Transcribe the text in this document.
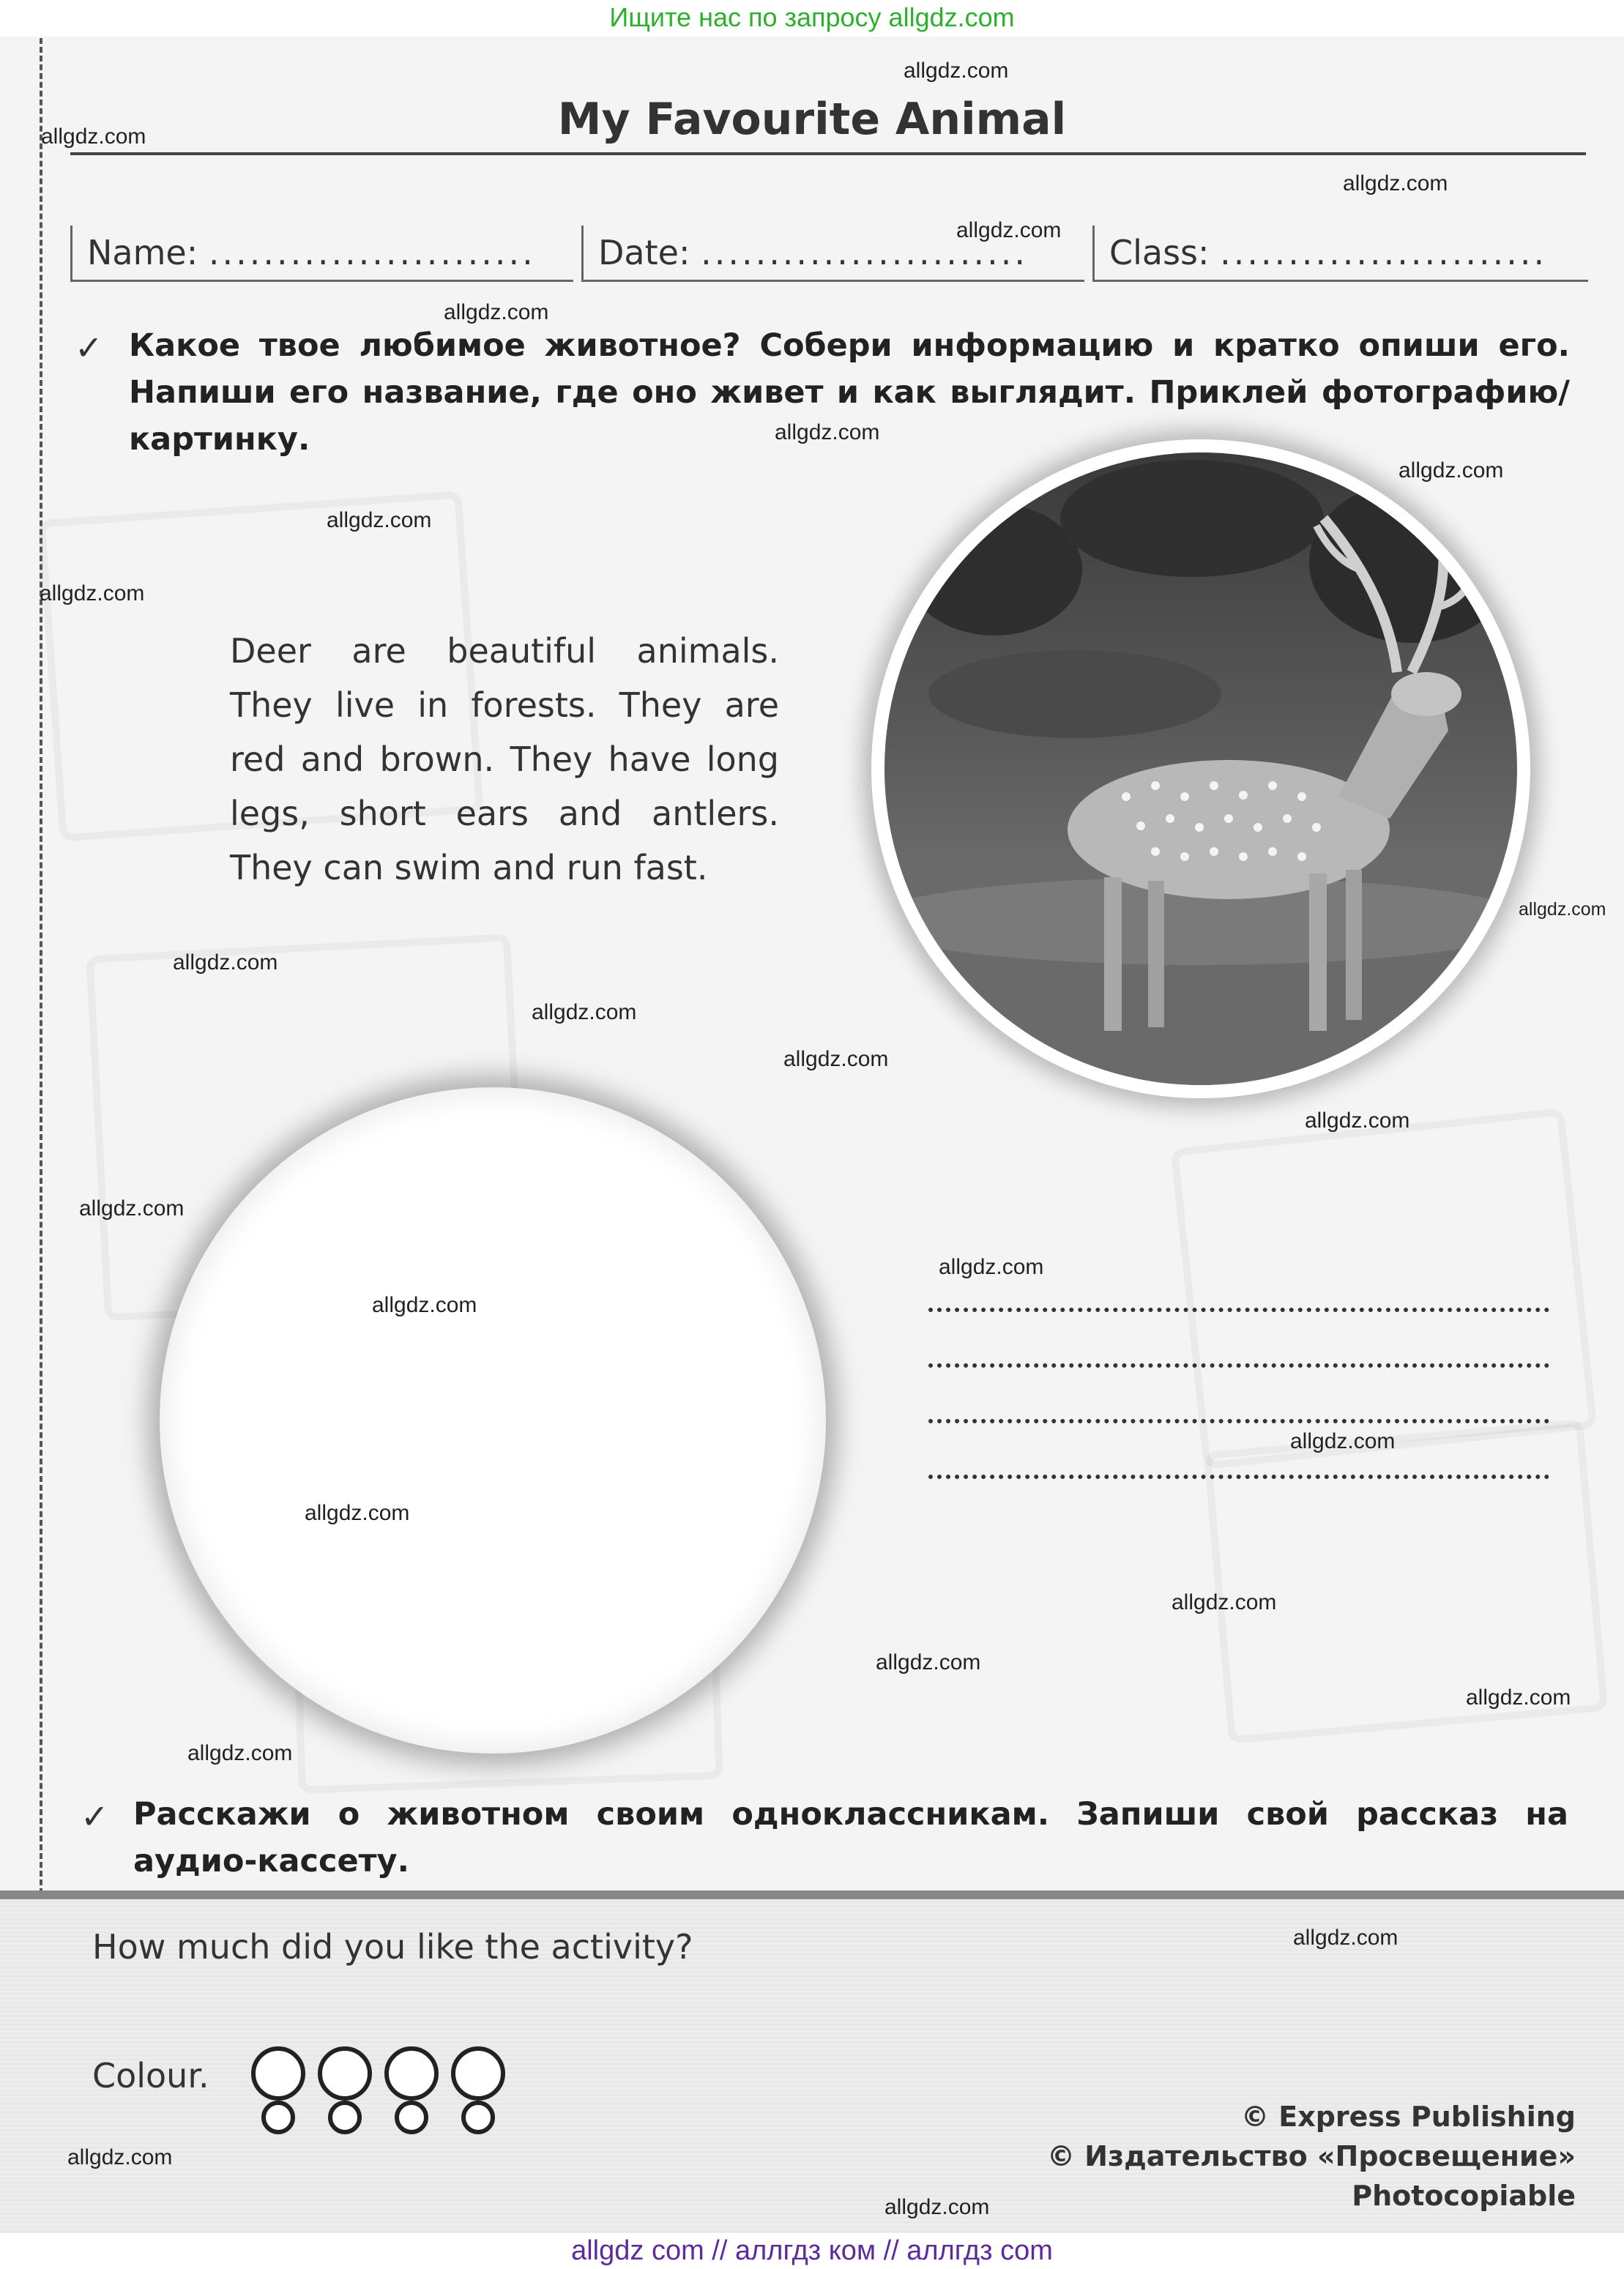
Ищите нас по запросу allgdz.com
My Favourite Animal
Name: ........................	Date: ........................	Class: ........................
✓ Какое твое любимое животное? Собери информацию и кратко опиши его. Напиши его название, где оно живет и как выглядит. Приклей фотографию/картинку.
Deer are beautiful animals. They live in forests. They are red and brown. They have long legs, short ears and antlers. They can swim and run fast.
✓ Расскажи о животном своим одноклассникам. Запиши свой рассказ на аудио-кассету.
How much did you like the activity?
Colour.

© Express Publishing
© Издательство «Просвещение»
Photocopiable
allgdz.com
allgdz.com
allgdz.com
allgdz.com
allgdz.com
allgdz.com
allgdz.com
allgdz.com
allgdz.com
allgdz.com
allgdz.com
allgdz.com
allgdz.com
allgdz.com
allgdz.com
allgdz.com
allgdz.com
allgdz.com
allgdz.com
allgdz.com
allgdz.com
allgdz.com
allgdz.com
allgdz.com
allgdz.com
allgdz.com
allgdz com // аллгдз ком // аллгдз com
